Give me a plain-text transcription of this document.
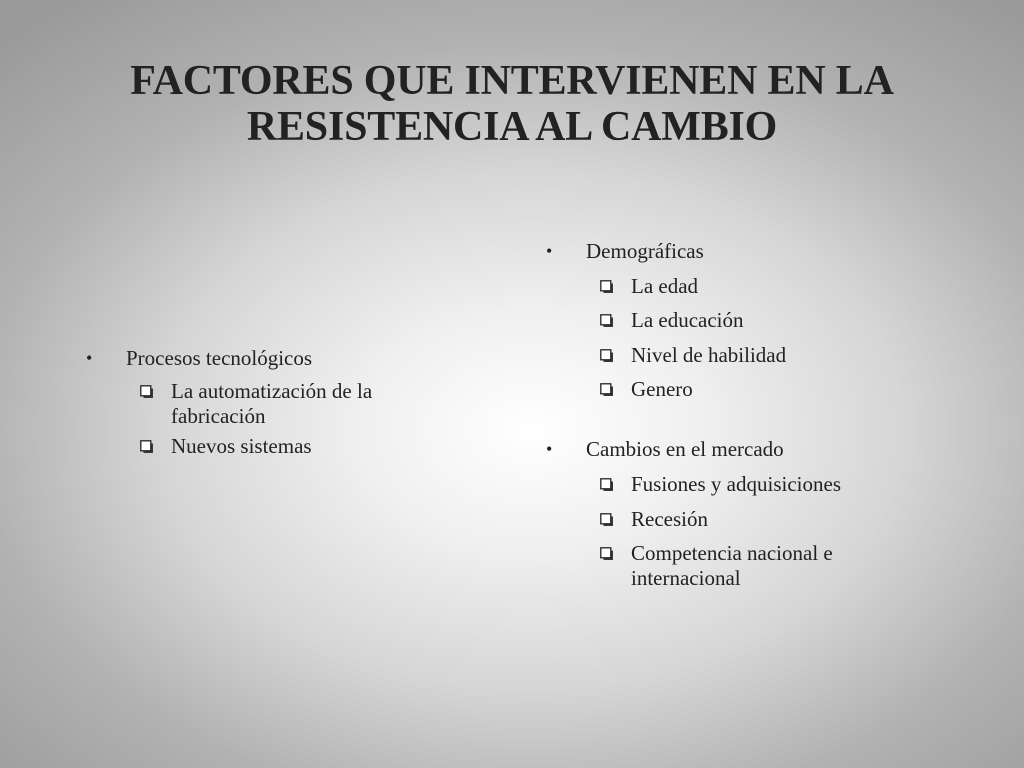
FACTORES QUE INTERVIENEN EN LA
RESISTENCIA AL CAMBIO
• Procesos tecnológicos
La automatización de la fabricación
Nuevos sistemas
• Demográficas
La edad
La educación
Nivel de habilidad
Genero
• Cambios en el mercado
Fusiones y adquisiciones
Recesión
Competencia nacional e internacional
